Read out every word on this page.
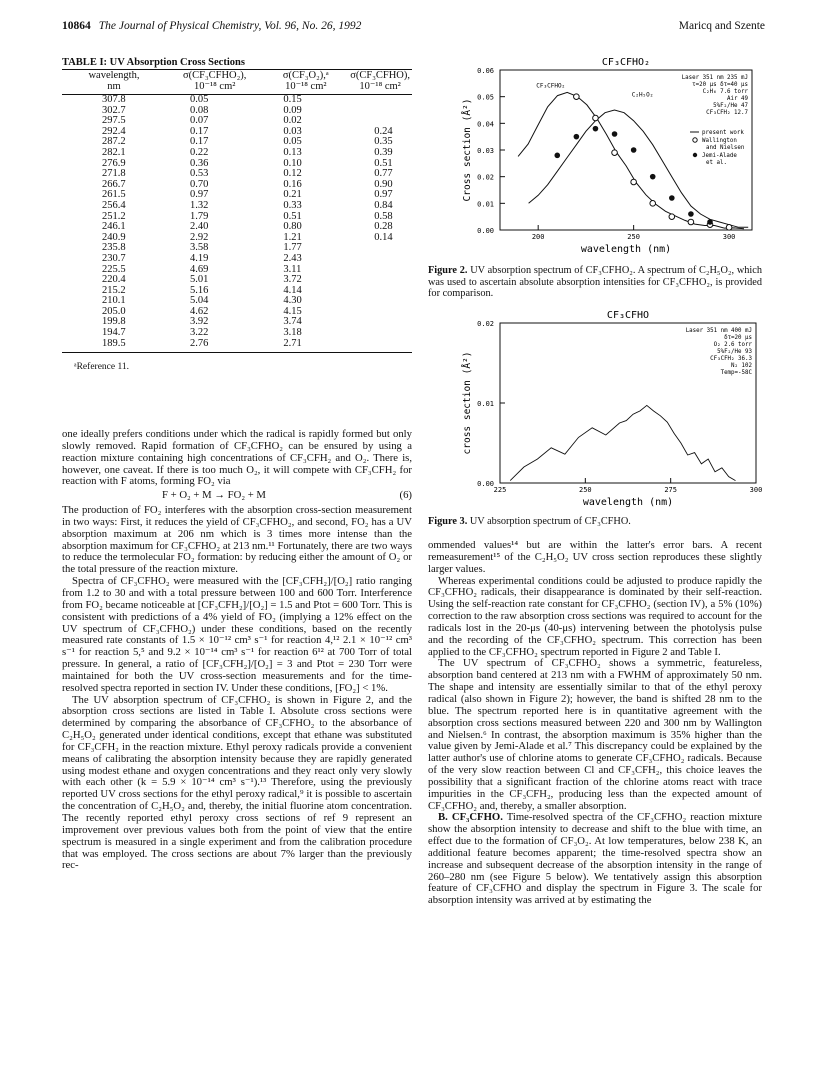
10864 The Journal of Physical Chemistry, Vol. 96, No. 26, 1992	Maricq and Szente
TABLE I: UV Absorption Cross Sections
wavelength,	σ(CF₃CFHO₂),	σ(CF₃O₂),ᵃ	σ(CF₃CFHO),
nm	10⁻¹⁸ cm²	10⁻¹⁸ cm²	10⁻¹⁸ cm²
307.8	0.05	0.15	
302.7	0.08	0.09	
297.5	0.07	0.02	
292.4	0.17	0.03	0.24
287.2	0.17	0.05	0.35
282.1	0.22	0.13	0.39
276.9	0.36	0.10	0.51
271.8	0.53	0.12	0.77
266.7	0.70	0.16	0.90
261.5	0.97	0.21	0.97
256.4	1.32	0.33	0.84
251.2	1.79	0.51	0.58
246.1	2.40	0.80	0.28
240.9	2.92	1.21	0.14
235.8	3.58	1.77	
230.7	4.19	2.43	
225.5	4.69	3.11	
220.4	5.01	3.72	
215.2	5.16	4.14	
210.1	5.04	4.30	
205.0	4.62	4.15	
199.8	3.92	3.74	
194.7	3.22	3.18	
189.5	2.76	2.71	
ᵃReference 11.

one ideally prefers conditions under which the radical is rapidly formed but only slowly removed. Rapid formation of CF₃CFHO₂ can be ensured by using a reaction mixture containing high concentrations of CF₃CFH₂ and O₂. There is, however, one caveat. If there is too much O₂, it will compete with CF₃CFH₂ for reaction with F atoms, forming FO₂ via

F + O₂ + M → FO₂ + M	(6)

The production of FO₂ interferes with the absorption cross-section measurement in two ways: First, it reduces the yield of CF₃CFHO₂, and second, FO₂ has a UV absorption maximum at 206 nm which is 3 times more intense than the absorption maximum for CF₃CFHO₂ at 213 nm.¹¹ Fortunately, there are two ways to reduce the termolecular FO₂ formation: by reducing either the amount of O₂ or the total pressure of the reaction mixture.

Spectra of CF₃CFHO₂ were measured with the [CF₃CFH₂]/[O₂] ratio ranging from 1.2 to 30 and with a total pressure between 100 and 600 Torr. Interference from FO₂ became noticeable at [CF₃CFH₂]/[O₂] = 1.5 and Ptot = 600 Torr. This is consistent with predictions of a 4% yield of FO₂ (implying a 12% effect on the UV spectrum of CF₃CFHO₂) under these conditions, based on the recently measured rate constants of 1.5 × 10⁻¹² cm³ s⁻¹ for reaction 4,¹² 2.1 × 10⁻¹² cm³ s⁻¹ for reaction 5,⁵ and 9.2 × 10⁻¹⁴ cm³ s⁻¹ for reaction 6¹² at 700 Torr of total pressure. In general, a ratio of [CF₃CFH₂]/[O₂] = 3 and Ptot = 230 Torr were maintained for both the UV cross-section measurements and for the time-resolved spectra reported in section IV. Under these conditions, [FO₂] < 1%.

The UV absorption spectrum of CF₃CFHO₂ is shown in Figure 2, and the absorption cross sections are listed in Table I. Absolute cross sections were determined by comparing the absorbance of CF₃CFHO₂ to the absorbance of C₂H₅O₂ generated under identical conditions, except that ethane was substituted for CF₃CFH₂ in the reaction mixture. Ethyl peroxy radicals provide a convenient means of calibrating the absorption intensity because they are rapidly generated using modest ethane and oxygen concentrations and they react only very slowly with each other (k = 5.9 × 10⁻¹⁴ cm³ s⁻¹).¹³ Therefore, using the previously reported UV cross sections for the ethyl peroxy radical,⁹ it is possible to ascertain the concentration of C₂H₅O₂ and, thereby, the initial fluorine atom concentration. The recently reported ethyl peroxy cross sections of ref 9 represent an improvement over previous values both from the point of view that the entire spectrum is measured in a single experiment and from the calibration procedure that was employed. The cross sections are about 7% larger than the previously rec-

CF₃CFHO₂
0.00
0.01
0.02
0.03
0.04
0.05
0.06
200	250	300
wavelength (nm)
Cross section (Å²)
Laser 351 nm 235 mJ
τ=20 μs δτ=40 μs
C₂H₆ 7.6 torr
Air 49
5%F₂/He 47
CF₃CFH₂ 12.7
CF₃CFHO₂
C₂H₅O₂
present work
Wallington
and Nielsen
Jemi-Alade
et al.
Figure 2. UV absorption spectrum of CF₃CFHO₂. A spectrum of C₂H₅O₂, which was used to ascertain absolute absorption intensities for CF₃CFHO₂, is provided for comparison.
CF₃CFHO
0.00
0.01
0.02
225	250	275	300
wavelength (nm)
cross section (Å²)
Laser 351 nm 400 mJ
δτ=20 μs
O₂ 2.6 torr
5%F₂/He 93
CF₃CFH₂ 36.3
N₂ 102
Temp=-58C
Figure 3. UV absorption spectrum of CF₃CFHO.

ommended values¹⁴ but are within the latter's error bars. A recent remeasurement¹⁵ of the C₂H₅O₂ UV cross section reproduces these slightly larger values.

Whereas experimental conditions could be adjusted to produce rapidly the CF₃CFHO₂ radicals, their disappearance is dominated by their self-reaction. Using the self-reaction rate constant for CF₃CFHO₂ (section IV), a 5% (10%) correction to the raw absorption cross sections was required to account for the radicals lost in the 20-μs (40-μs) intervening between the photolysis pulse and the recording of the CF₃CFHO₂ spectrum. This correction has been applied to the CF₃CFHO₂ spectrum reported in Figure 2 and Table I.

The UV spectrum of CF₃CFHO₂ shows a symmetric, featureless, absorption band centered at 213 nm with a FWHM of approximately 50 nm. The shape and intensity are essentially similar to that of the ethyl peroxy radical (also shown in Figure 2); however, the band is shifted 28 nm to the blue. The spectrum reported here is in quantitative agreement with the absorption cross sections measured between 220 and 300 nm by Wallington and Nielsen.⁶ In contrast, the absorption maximum is 35% higher than the value given by Jemi-Alade et al.⁷ This discrepancy could be explained by the latter author's use of chlorine atoms to generate CF₃CFHO₂ radicals. Because of the very slow reaction between Cl and CF₃CFH₂, this choice leaves the possibility that a significant fraction of the chlorine atoms react with trace impurities in the CF₃CFH₂, producing less than the expected amount of CF₃CFHO₂ and, thereby, a smaller absorption.

B. CF₃CFHO. Time-resolved spectra of the CF₃CFHO₂ reaction mixture show the absorption intensity to decrease and shift to the blue with time, an effect due to the formation of CF₃O₂. At low temperatures, below 238 K, an additional feature becomes apparent; the time-resolved spectra show an increase and subsequent decrease of the absorption intensity in the range of 260–280 nm (see Figure 5 below). We tentatively assign this absorption feature of CF₃CFHO and display the spectrum in Figure 3. The scale for absorption intensity was arrived at by estimating the
